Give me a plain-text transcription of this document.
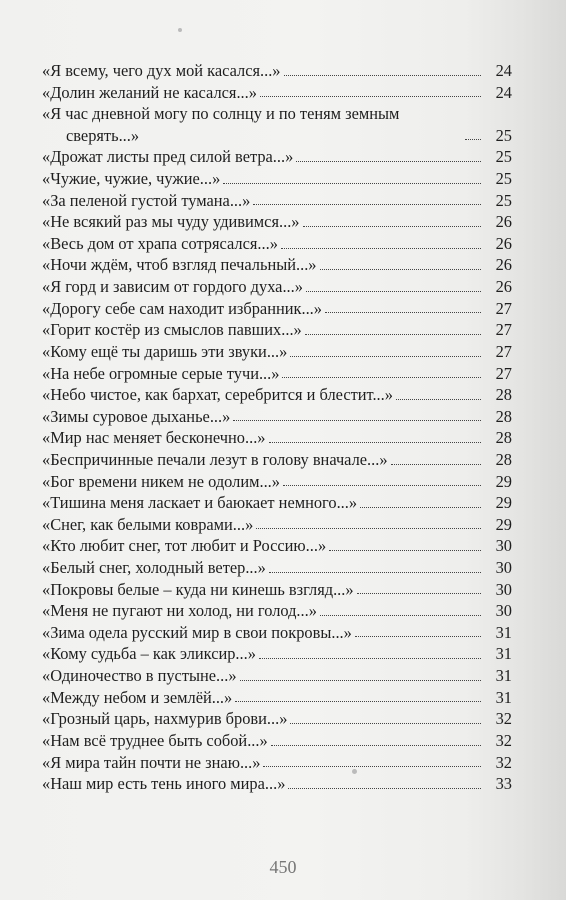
«Я всему, чего дух мой касался...»	24
«Долин желаний не касался...»	24
«Я час дневной могу по солнцу и по теням земным
сверять...»	25
«Дрожат листы пред силой ветра...»	25
«Чужие, чужие, чужие...»	25
«За пеленой густой тумана...»	25
«Не всякий раз мы чуду удивимся...»	26
«Весь дом от храпа сотрясался...»	26
«Ночи ждём, чтоб взгляд печальный...»	26
«Я горд и зависим от гордого духа...»	26
«Дорогу себе сам находит избранник...»	27
«Горит костёр из смыслов павших...»	27
«Кому ещё ты даришь эти звуки...»	27
«На небе огромные серые тучи...»	27
«Небо чистое, как бархат, серебрится и блестит...»	28
«Зимы суровое дыханье...»	28
«Мир нас меняет бесконечно...»	28
«Беспричинные печали лезут в голову вначале...»	28
«Бог времени никем не одолим...»	29
«Тишина меня ласкает и баюкает немного...»	29
«Снег, как белыми коврами...»	29
«Кто любит снег, тот любит и Россию...»	30
«Белый снег, холодный ветер...»	30
«Покровы белые – куда ни кинешь взгляд...»	30
«Меня не пугают ни холод, ни голод...»	30
«Зима одела русский мир в свои покровы...»	31
«Кому судьба – как эликсир...»	31
«Одиночество в пустыне...»	31
«Между небом и землёй...»	31
«Грозный царь, нахмурив брови...»	32
«Нам всё труднее быть собой...»	32
«Я мира тайн почти не знаю...»	32
«Наш мир есть тень иного мира...»	33
450
